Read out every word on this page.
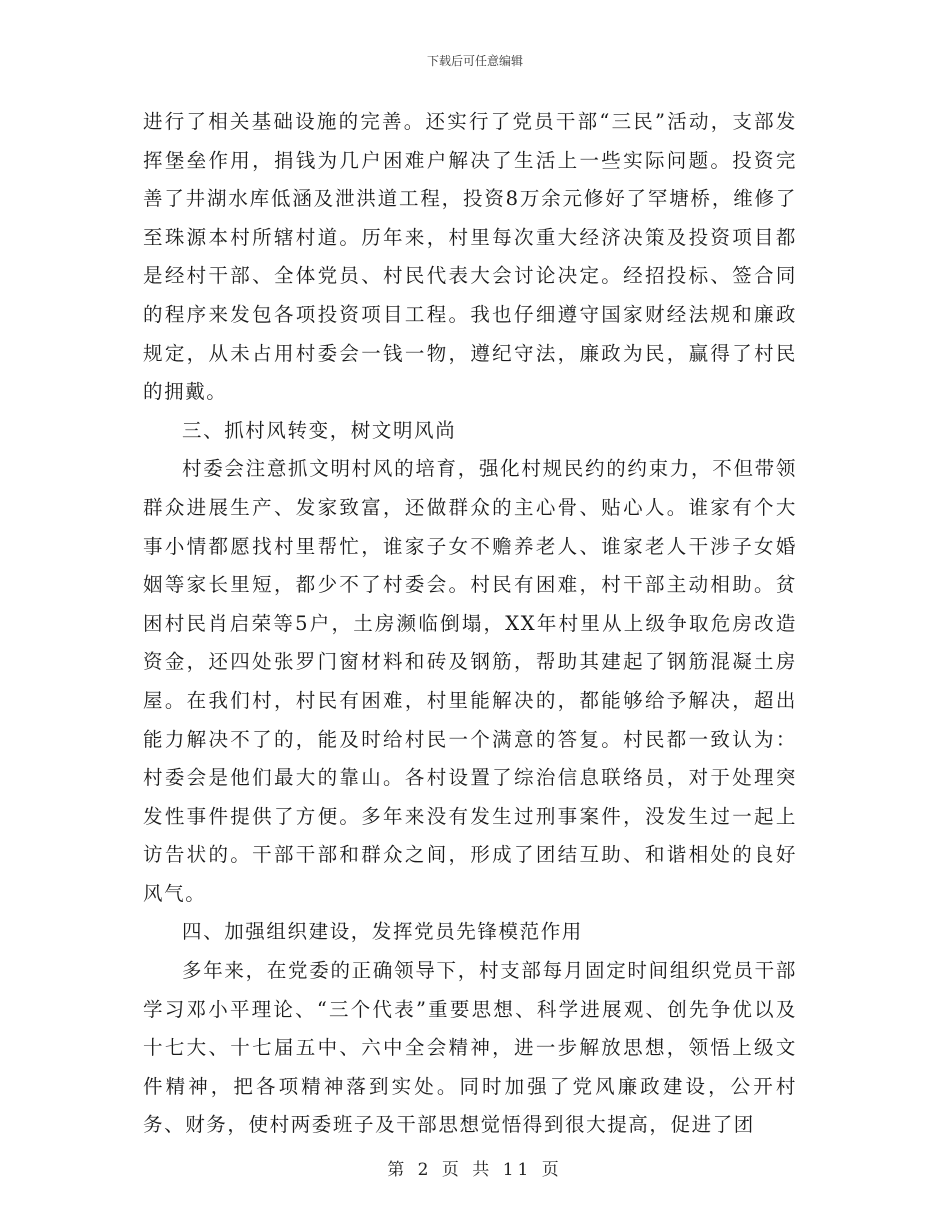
下载后可任意编辑

进行了相关基础设施的完善。还实行了党员干部“三民”活动，支部发挥堡垒作用，捐钱为几户困难户解决了生活上一些实际问题。投资完善了井湖水库低涵及泄洪道工程，投资8万余元修好了罕塘桥，维修了至珠源本村所辖村道。历年来，村里每次重大经济决策及投资项目都是经村干部、全体党员、村民代表大会讨论决定。经招投标、签合同的程序来发包各项投资项目工程。我也仔细遵守国家财经法规和廉政规定，从未占用村委会一钱一物，遵纪守法，廉政为民，赢得了村民的拥戴。

三、抓村风转变，树文明风尚

村委会注意抓文明村风的培育，强化村规民约的约束力，不但带领群众进展生产、发家致富，还做群众的主心骨、贴心人。谁家有个大事小情都愿找村里帮忙，谁家子女不赡养老人、谁家老人干涉子女婚姻等家长里短，都少不了村委会。村民有困难，村干部主动相助。贫困村民肖启荣等5户，土房濒临倒塌，XX年村里从上级争取危房改造资金，还四处张罗门窗材料和砖及钢筋，帮助其建起了钢筋混凝土房屋。在我们村，村民有困难，村里能解决的，都能够给予解决，超出能力解决不了的，能及时给村民一个满意的答复。村民都一致认为：村委会是他们最大的靠山。各村设置了综治信息联络员，对于处理突发性事件提供了方便。多年来没有发生过刑事案件，没发生过一起上访告状的。干部干部和群众之间，形成了团结互助、和谐相处的良好风气。

四、加强组织建设，发挥党员先锋模范作用

多年来，在党委的正确领导下，村支部每月固定时间组织党员干部学习邓小平理论、“三个代表”重要思想、科学进展观、创先争优以及十七大、十七届五中、六中全会精神，进一步解放思想，领悟上级文件精神，把各项精神落到实处。同时加强了党风廉政建设，公开村务、财务，使村两委班子及干部思想觉悟得到很大提高，促进了团

第 2 页 共 11 页
